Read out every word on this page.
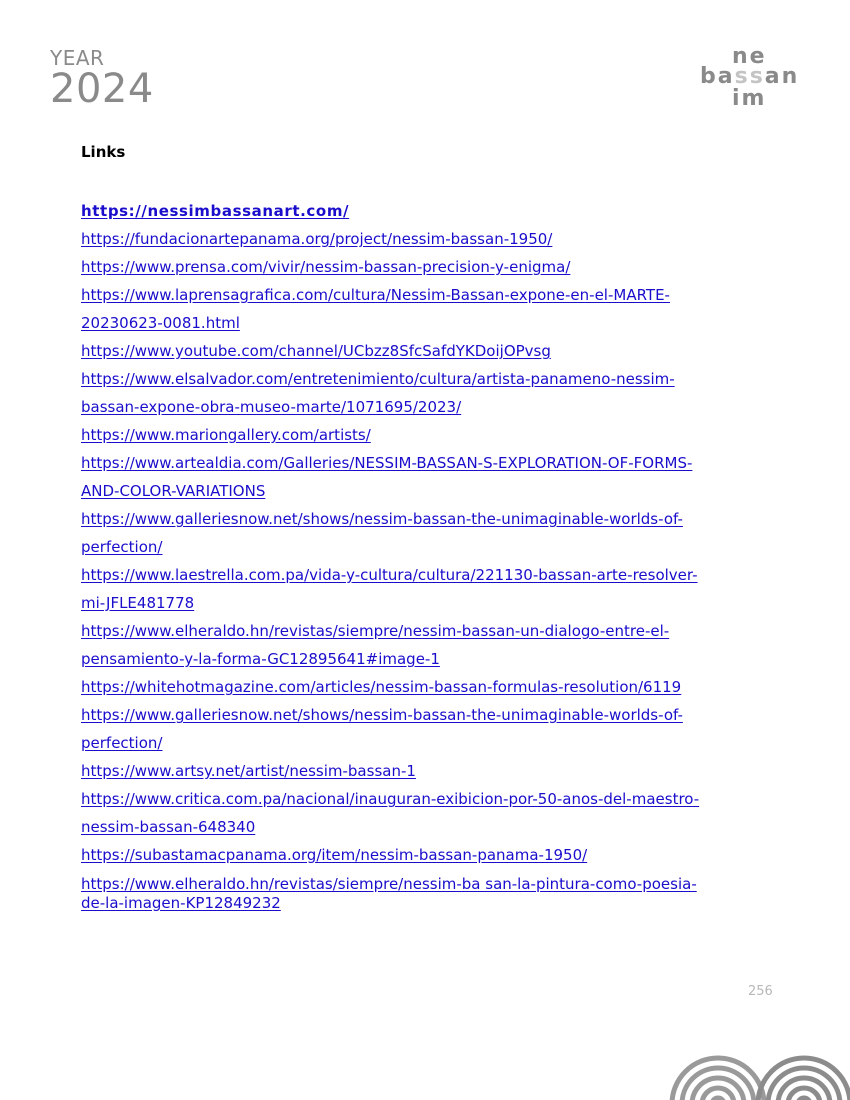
YEAR
2024
ne
bassan
im
Links
https://nessimbassanart.com/
https://fundacionartepanama.org/project/nessim-bassan-1950/
https://www.prensa.com/vivir/nessim-bassan-precision-y-enigma/
https://www.laprensagrafica.com/cultura/Nessim-Bassan-expone-en-el-MARTE-
20230623-0081.html
https://www.youtube.com/channel/UCbzz8SfcSafdYKDoijOPvsg
https://www.elsalvador.com/entretenimiento/cultura/artista-panameno-nessim-
bassan-expone-obra-museo-marte/1071695/2023/
https://www.mariongallery.com/artists/
https://www.artealdia.com/Galleries/NESSIM-BASSAN-S-EXPLORATION-OF-FORMS-
AND-COLOR-VARIATIONS
https://www.galleriesnow.net/shows/nessim-bassan-the-unimaginable-worlds-of-
perfection/
https://www.laestrella.com.pa/vida-y-cultura/cultura/221130-bassan-arte-resolver-
mi-JFLE481778
https://www.elheraldo.hn/revistas/siempre/nessim-bassan-un-dialogo-entre-el-
pensamiento-y-la-forma-GC12895641#image-1
https://whitehotmagazine.com/articles/nessim-bassan-formulas-resolution/6119
https://www.galleriesnow.net/shows/nessim-bassan-the-unimaginable-worlds-of-
perfection/
https://www.artsy.net/artist/nessim-bassan-1
https://www.critica.com.pa/nacional/inauguran-exibicion-por-50-anos-del-maestro-
nessim-bassan-648340
https://subastamacpanama.org/item/nessim-bassan-panama-1950/
https://www.elheraldo.hn/revistas/siempre/nessim-ba san-la-pintura-como-poesia-
de-la-imagen-KP12849232
256
